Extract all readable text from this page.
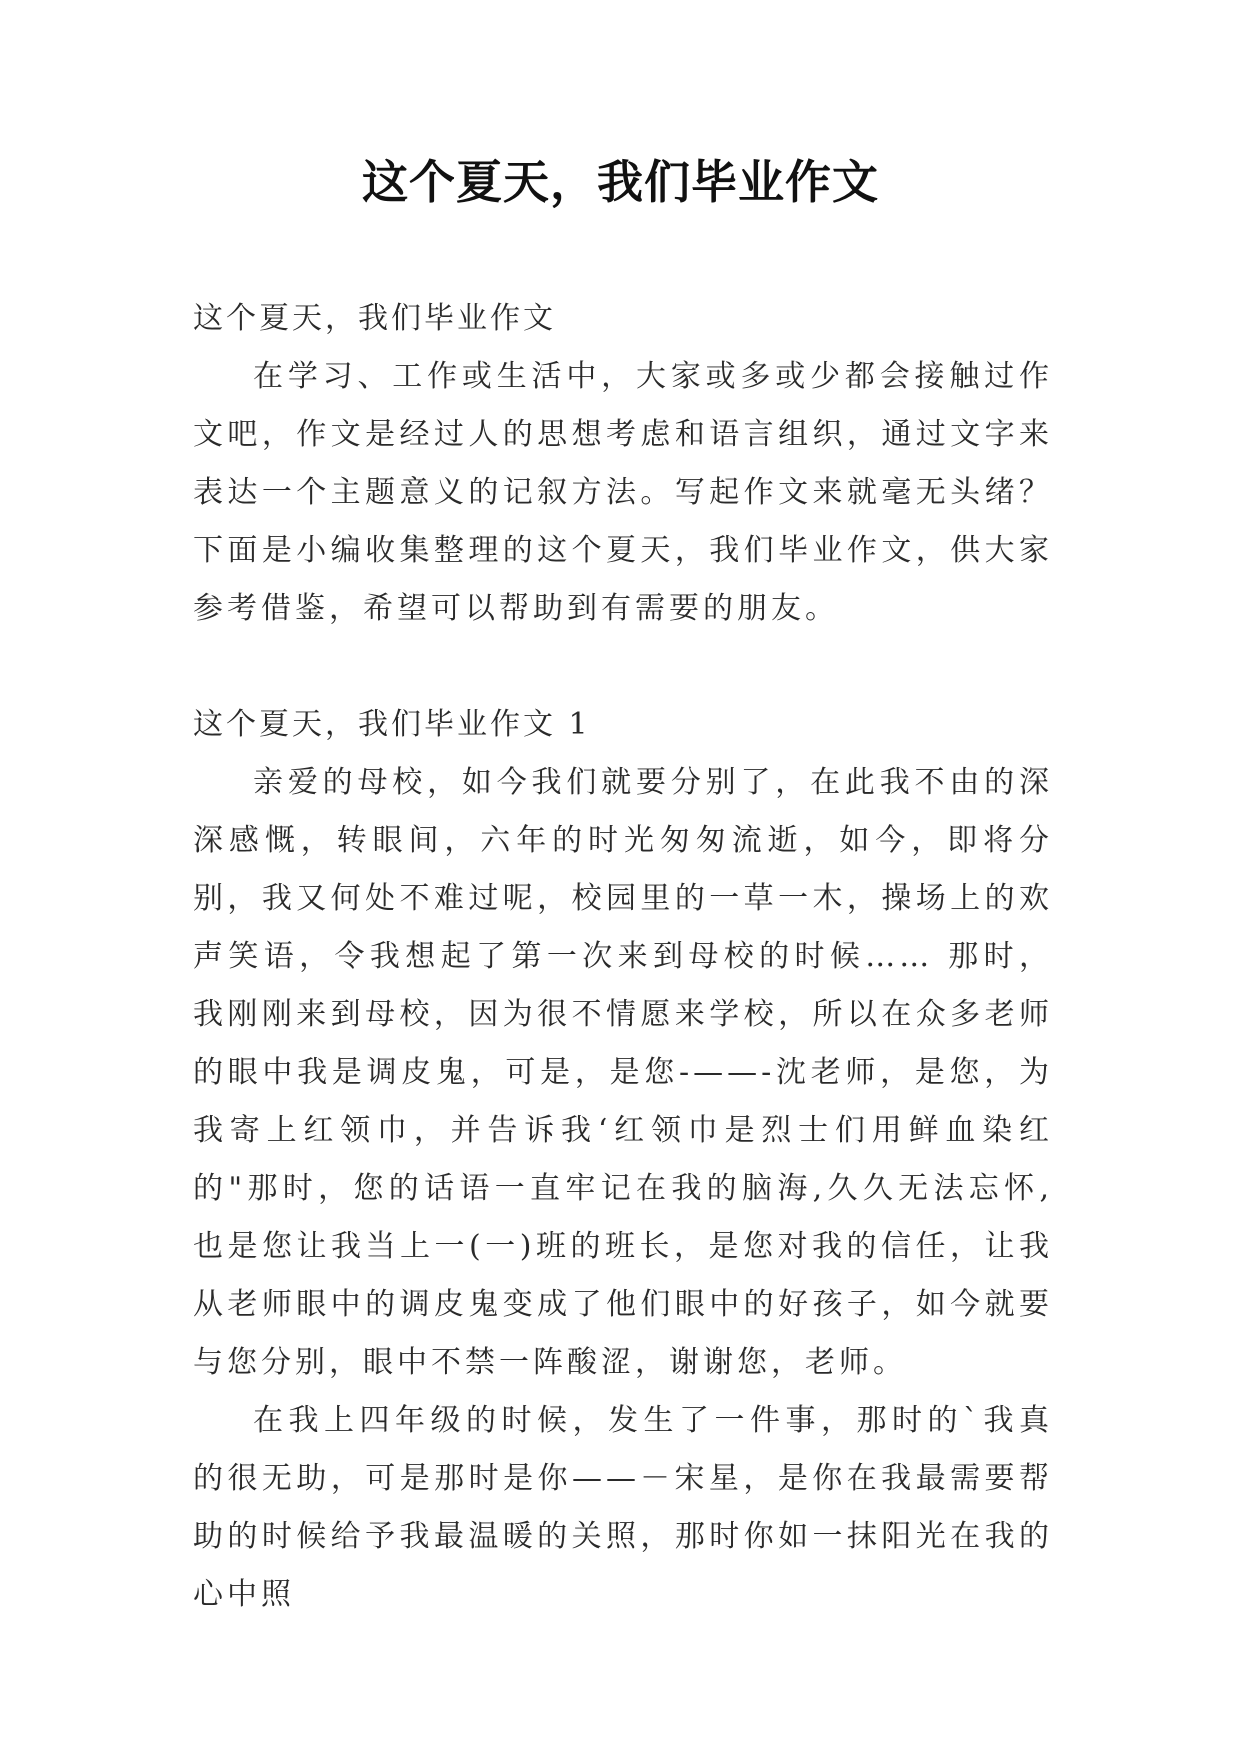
这个夏天，我们毕业作文

这个夏天，我们毕业作文

在学习、工作或生活中，大家或多或少都会接触过作文吧，作文是经过人的思想考虑和语言组织，通过文字来表达一个主题意义的记叙方法。写起作文来就毫无头绪？下面是小编收集整理的这个夏天，我们毕业作文，供大家参考借鉴，希望可以帮助到有需要的朋友。

这个夏天，我们毕业作文 1

亲爱的母校，如今我们就要分别了，在此我不由的深深感慨，转眼间，六年的时光匆匆流逝，如今，即将分别，我又何处不难过呢，校园里的一草一木，操场上的欢声笑语，令我想起了第一次来到母校的时候…… 那时，我刚刚来到母校，因为很不情愿来学校，所以在众多老师的眼中我是调皮鬼，可是，是您-——-沈老师，是您，为我寄上红领巾，并告诉我‘红领巾是烈士们用鲜血染红的"那时，您的话语一直牢记在我的脑海,久久无法忘怀,也是您让我当上一(一)班的班长，是您对我的信任，让我从老师眼中的调皮鬼变成了他们眼中的好孩子，如今就要与您分别，眼中不禁一阵酸涩，谢谢您，老师。

在我上四年级的时候，发生了一件事，那时的`我真的很无助，可是那时是你——－宋星，是你在我最需要帮助的时候给予我最温暖的关照，那时你如一抹阳光在我的心中照
